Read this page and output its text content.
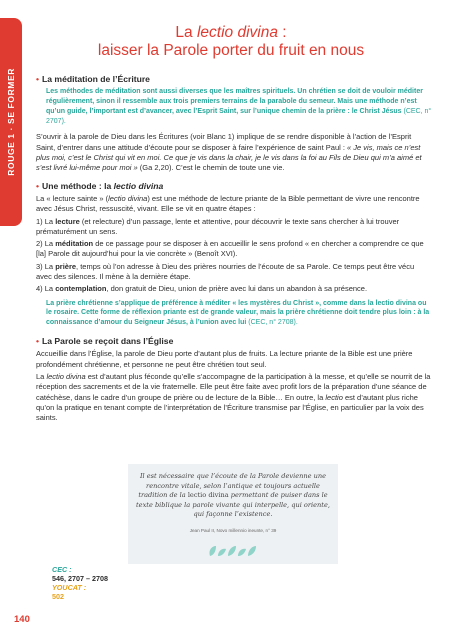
ROUGE 1 · SE FORMER
La lectio divina :
laisser la Parole porter du fruit en nous
• La méditation de l’Écriture
Les méthodes de méditation sont aussi diverses que les maîtres spirituels. Un chrétien se doit de vouloir méditer régulièrement, sinon il ressemble aux trois premiers terrains de la parabole du semeur. Mais une méthode n’est qu’un guide, l’important est d’avancer, avec l’Esprit Saint, sur l’unique chemin de la prière : le Christ Jésus (CEC, n° 2707).

S’ouvrir à la parole de Dieu dans les Écritures (voir Blanc 1) implique de se rendre disponible à l’action de l’Esprit Saint, d’entrer dans une attitude d’écoute pour se disposer à faire l’expérience de saint Paul : « Je vis, mais ce n’est plus moi, c’est le Christ qui vit en moi. Ce que je vis dans la chair, je le vis dans la foi au Fils de Dieu qui m’a aimé et s’est livré lui-même pour moi » (Ga 2,20). C’est le chemin de toute une vie.

• Une méthode : la lectio divina

La « lecture sainte » (lectio divina) est une méthode de lecture priante de la Bible permettant de vivre une rencontre avec Jésus Christ, ressuscité, vivant. Elle se vit en quatre étapes :

1) La lecture (et relecture) d’un passage, lente et attentive, pour découvrir le texte sans chercher à lui trouver prématurément un sens.

2) La méditation de ce passage pour se disposer à en accueillir le sens profond « en chercher a comprendre ce que [la] Parole dit aujourd’hui pour la vie concrète » (Benoît XVI).

3) La prière, temps où l’on adresse à Dieu des prières nourries de l’écoute de sa Parole. Ce temps peut être vécu avec des silences. Il mène à la dernière étape.

4) La contemplation, don gratuit de Dieu, union de prière avec lui dans un abandon à sa présence.

La prière chrétienne s’applique de préférence à méditer « les mystères du Christ », comme dans la lectio divina ou le rosaire. Cette forme de réflexion priante est de grande valeur, mais la prière chrétienne doit tendre plus loin : à la connaissance d’amour du Seigneur Jésus, à l’union avec lui (CEC, n° 2708).
• La Parole se reçoit dans l’Église

Accueillie dans l’Église, la parole de Dieu porte d’autant plus de fruits. La lecture priante de la Bible est une prière profondément chrétienne, et personne ne peut être chrétien tout seul.

La lectio divina est d’autant plus féconde qu’elle s’accompagne de la participation à la messe, et qu’elle se nourrit de la réception des sacrements et de la vie fraternelle. Elle peut être faite avec profit lors de la préparation d’une séance de catéchèse, dans le cadre d’un groupe de prière ou de lecture de la Bible… En outre, la lectio est d’autant plus riche qu’on la pratique en tenant compte de l’interprétation de l’Écriture transmise par l’Église, en particulier par la voix des saints.

Il est nécessaire que l’écoute de la Parole devienne une rencontre vitale, selon l’antique et toujours actuelle tradition de la lectio divina permettant de puiser dans le texte biblique la parole vivante qui interpelle, qui oriente, qui façonne l’existence.
Jean Paul II, Novo millennio ineunte, n° 39
CEC :
546, 2707 – 2708
YOUCAT :
502
140
